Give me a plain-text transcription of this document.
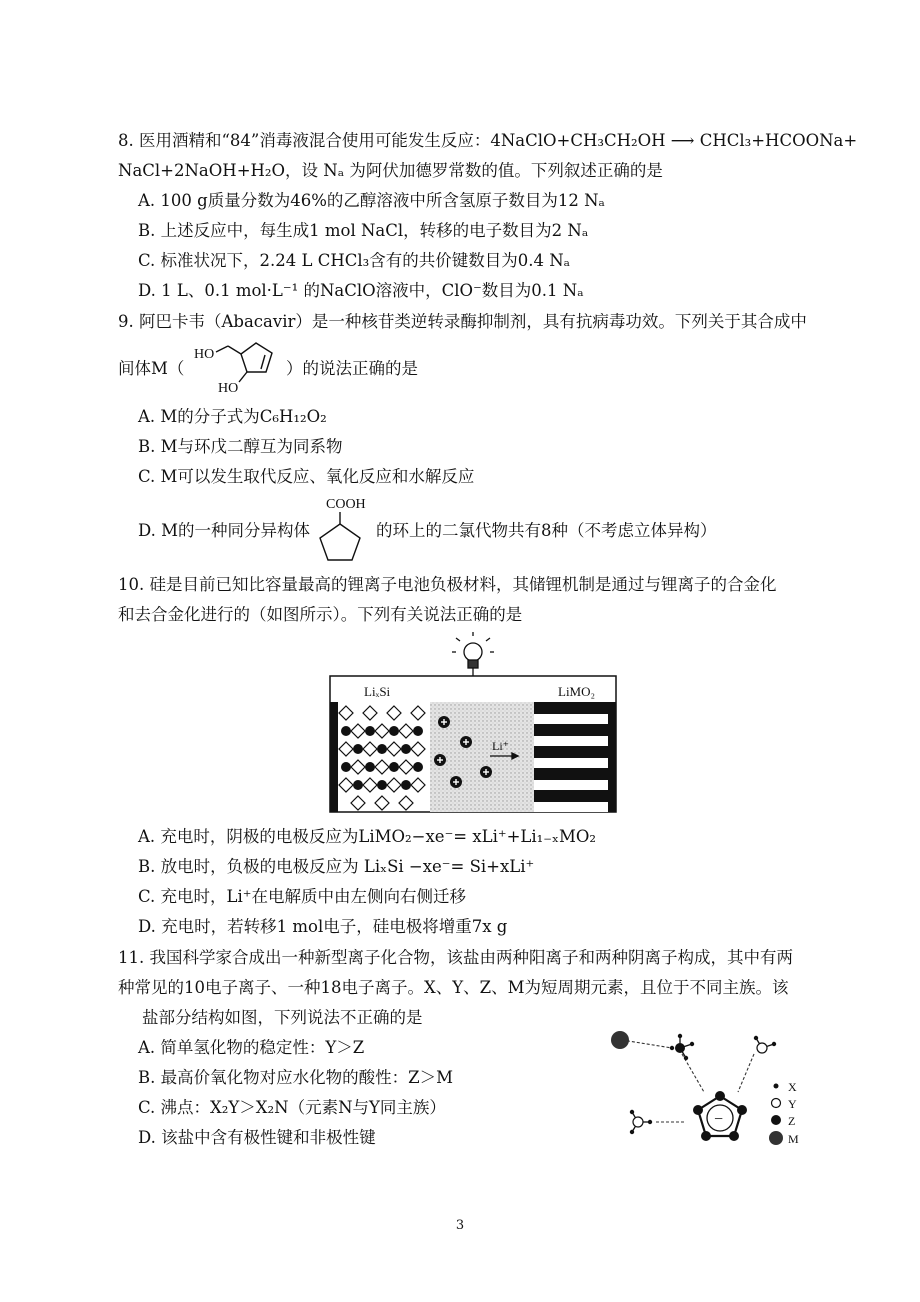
8. 医用酒精和“84”消毒液混合使用可能发生反应：4NaClO+CH₃CH₂OH ⟶ CHCl₃+HCOONa+
NaCl+2NaOH+H₂O，设 Nₐ 为阿伏加德罗常数的值。下列叙述正确的是
A. 100 g质量分数为46%的乙醇溶液中所含氢原子数目为12 Nₐ
B. 上述反应中，每生成1 mol NaCl，转移的电子数目为2 Nₐ
C. 标准状况下，2.24 L CHCl₃含有的共价键数目为0.4 Nₐ
D. 1 L、0.1 mol·L⁻¹ 的NaClO溶液中，ClO⁻数目为0.1 Nₐ
9. 阿巴卡韦（Abacavir）是一种核苷类逆转录酶抑制剂，具有抗病毒功效。下列关于其合成中
间体M（
HO
HO
）的说法正确的是
A. M的分子式为C₆H₁₂O₂
B. M与环戊二醇互为同系物
C. M可以发生取代反应、氧化反应和水解反应
COOH
D. M的一种同分异构体	的环上的二氯代物共有8种（不考虑立体异构）
10. 硅是目前已知比容量最高的锂离子电池负极材料，其储锂机制是通过与锂离子的合金化
和去合金化进行的（如图所示）。下列有关说法正确的是
LiₓSi	LiMO₂
Li⁺
A. 充电时，阴极的电极反应为LiMO₂−xe⁻= xLi⁺+Li₁₋ₓMO₂
B. 放电时，负极的电极反应为 LiₓSi −xe⁻= Si+xLi⁺
C. 充电时，Li⁺在电解质中由左侧向右侧迁移
D. 充电时，若转移1 mol电子，硅电极将增重7x g
11. 我国科学家合成出一种新型离子化合物，该盐由两种阳离子和两种阴离子构成，其中有两
种常见的10电子离子、一种18电子离子。X、Y、Z、M为短周期元素，且位于不同主族。该
盐部分结构如图，下列说法不正确的是
A. 简单氢化物的稳定性：Y＞Z
B. 最高价氧化物对应水化物的酸性：Z＞M
C. 沸点：X₂Y＞X₂N（元素N与Y同主族）
D. 该盐中含有极性键和非极性键
−
X
Y
Z
M
3
